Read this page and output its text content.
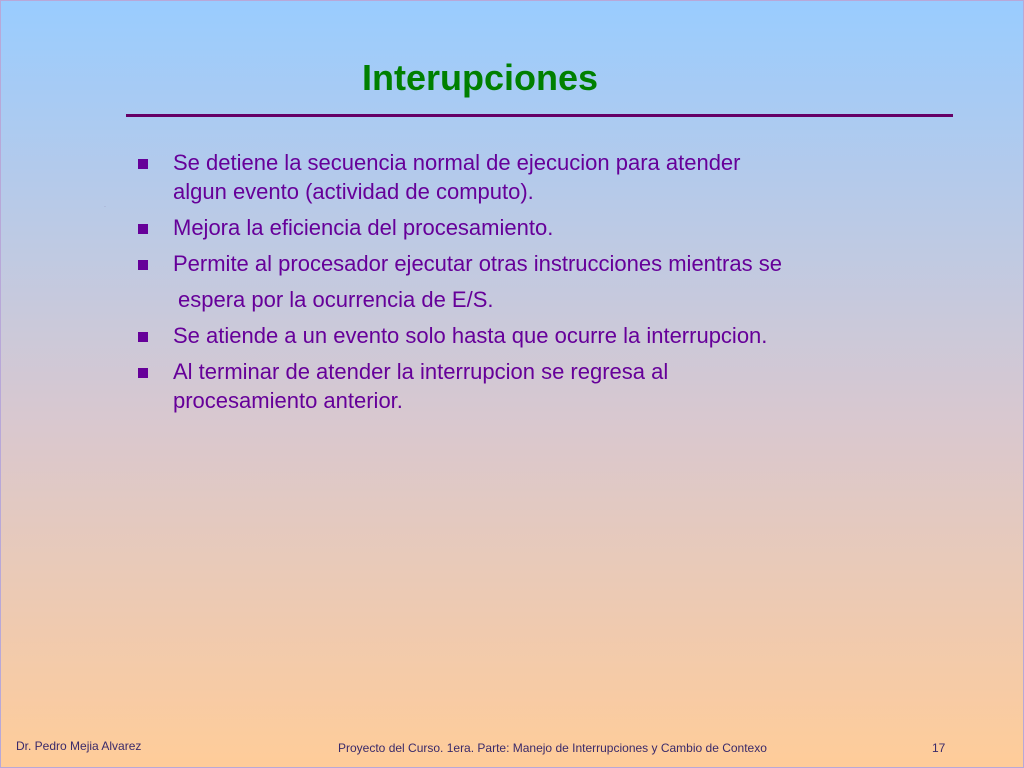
Interupciones
·
Se detiene la secuencia normal de ejecucion para atender
algun evento (actividad de computo).
Mejora la eficiencia del procesamiento.
Permite al procesador ejecutar otras instrucciones mientras se
espera por la ocurrencia de E/S.
Se atiende a un evento solo hasta que ocurre la interrupcion.
Al terminar de atender la interrupcion se regresa al
procesamiento anterior.
Dr. Pedro Mejia Alvarez	Proyecto del Curso. 1era. Parte: Manejo de Interrupciones y Cambio de Contexo	17
